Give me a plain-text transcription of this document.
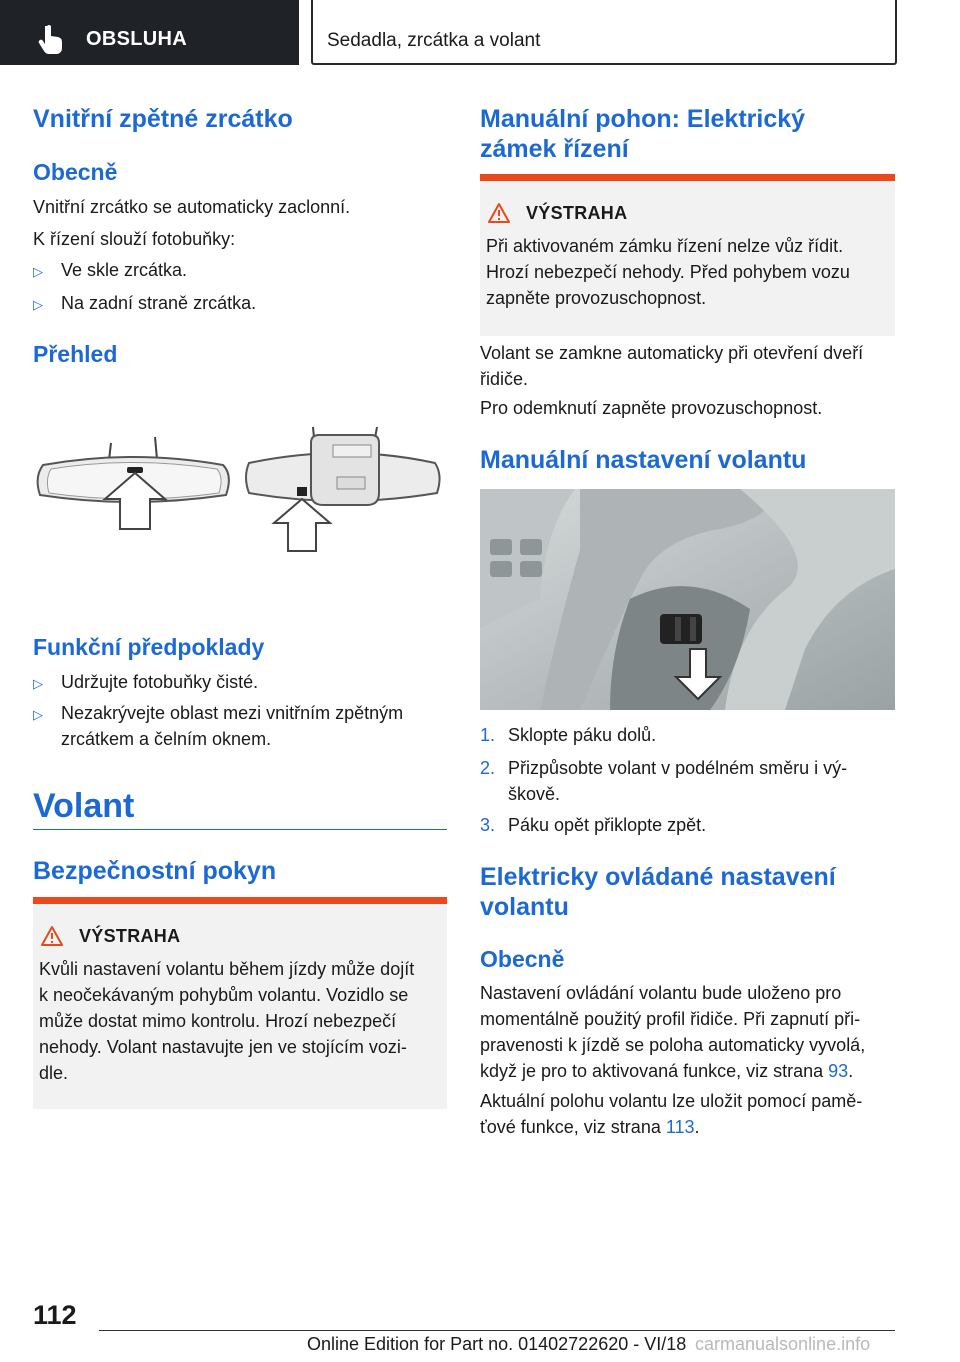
OBSLUHA	Sedadla, zrcátka a volant
Vnitřní zpětné zrcátko
Obecně
Vnitřní zrcátko se automaticky zaclonní.
K řízení slouží fotobuňky:
▷ Ve skle zrcátka.
▷ Na zadní straně zrcátka.
Přehled
Funkční předpoklady
▷ Udržujte fotobuňky čisté.
▷ Nezakrývejte oblast mezi vnitřním zpětným
zrcátkem a čelním oknem.
Volant
Bezpečnostní pokyn
VÝSTRAHA
Kvůli nastavení volantu během jízdy může dojít
k neočekávaným pohybům volantu. Vozidlo se
může dostat mimo kontrolu. Hrozí nebezpečí
nehody. Volant nastavujte jen ve stojícím vozi-
dle.
Manuální pohon: Elektrický
zámek řízení
VÝSTRAHA
Při aktivovaném zámku řízení nelze vůz řídit.
Hrozí nebezpečí nehody. Před pohybem vozu
zapněte provozuschopnost.
Volant se zamkne automaticky při otevření dveří
řidiče.
Pro odemknutí zapněte provozuschopnost.
Manuální nastavení volantu
1. Sklopte páku dolů.
2. Přizpůsobte volant v podélném směru i vý-
škově.
3. Páku opět přiklopte zpět.
Elektricky ovládané nastavení
volantu
Obecně
Nastavení ovládání volantu bude uloženo pro
momentálně použitý profil řidiče. Při zapnutí při-
pravenosti k jízdě se poloha automaticky vyvolá,
když je pro to aktivovaná funkce, viz strana 93.
Aktuální polohu volantu lze uložit pomocí pamě-
ťové funkce, viz strana 113.
112
Online Edition for Part no. 01402722620 - VI/18 carmanualsonline.info
